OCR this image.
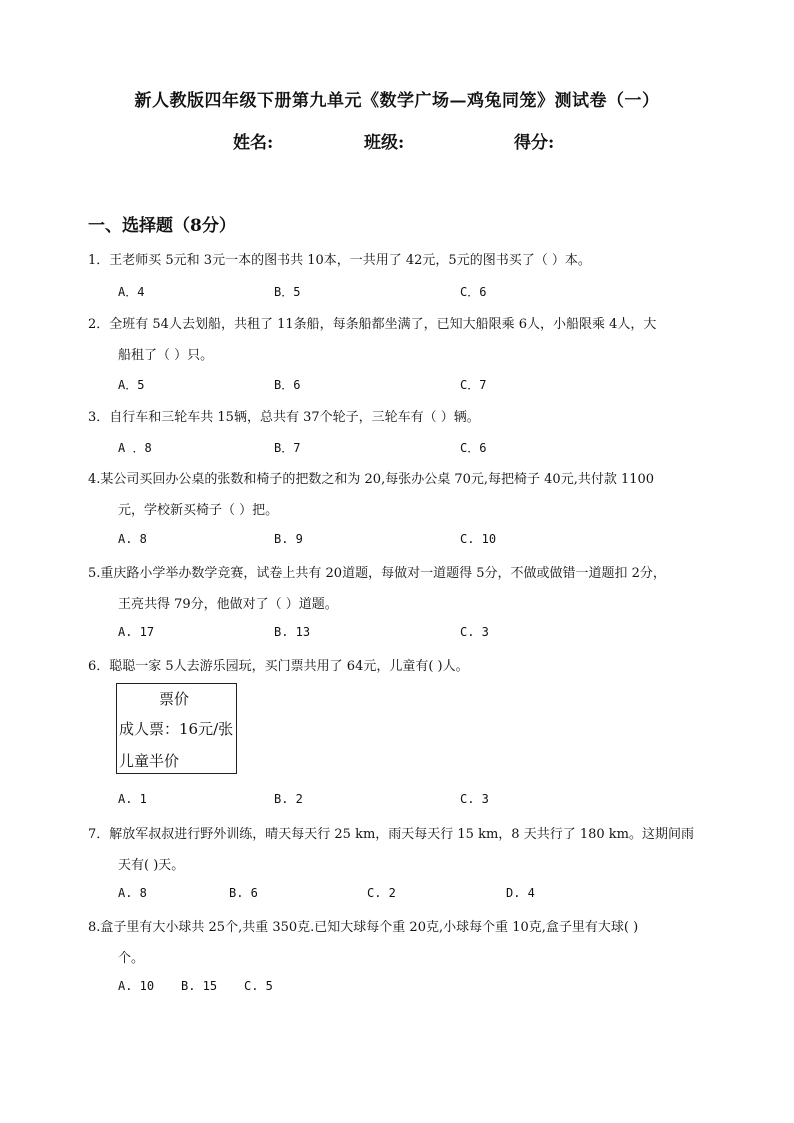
新人教版四年级下册第九单元《数学广场—鸡兔同笼》测试卷（一）
姓名:	班级:	得分:
一、选择题（8分）
1．王老师买 5元和 3元一本的图书共 10本，一共用了 42元，5元的图书买了（ ）本。
A．4	B．5	C．6
2．全班有 54人去划船，共租了 11条船，每条船都坐满了，已知大船限乘 6人，小船限乘 4人，大
船租了（ ）只。
A．5	B．6	C．7
3．自行车和三轮车共 15辆，总共有 37个轮子，三轮车有（ ）辆。
A ．8	B．7	C．6
4.某公司买回办公桌的张数和椅子的把数之和为 20,每张办公桌 70元,每把椅子 40元,共付款 1100
元，学校新买椅子（ ）把。
A. 8	B. 9	C. 10
5.重庆路小学举办数学竞赛，试卷上共有 20道题，每做对一道题得 5分，不做或做错一道题扣 2分，
王亮共得 79分，他做对了（ ）道题。
A. 17	B. 13	C. 3
6．聪聪一家 5人去游乐园玩，买门票共用了 64元，儿童有( )人。
票价
成人票：16元/张
儿童半价
A. 1	B. 2	C. 3
7．解放军叔叔进行野外训练，晴天每天行 25 km，雨天每天行 15 km，8 天共行了 180 km。这期间雨
天有( )天。
A. 8	B. 6	C. 2	D. 4
8.盒子里有大小球共 25个,共重 350克.已知大球每个重 20克,小球每个重 10克,盒子里有大球( )
个。
A. 10 B. 15 C. 5
